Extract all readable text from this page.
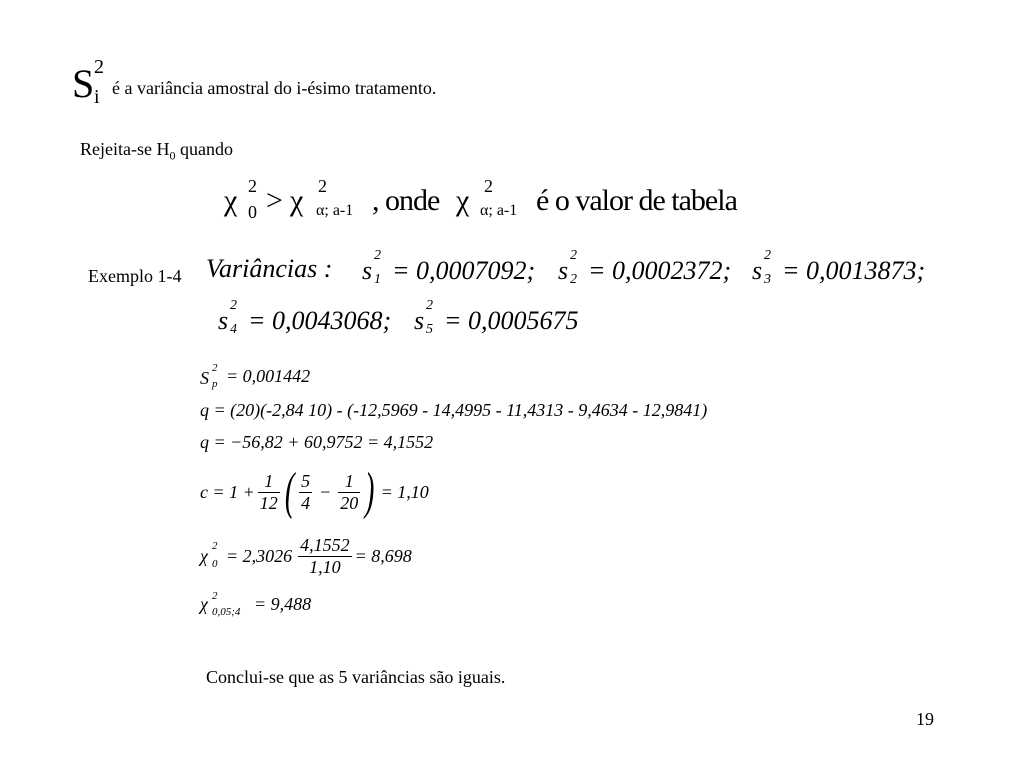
S 2
i é a variância amostral do i-ésimo tratamento.
Rejeita-se $H_0$ quando
χ 2
0 > χ 2
α; a-1 , onde χ 2
α; a-1 é o valor de tabela
Exemplo 1-4 Variâncias : s
2
1 = 0,0007092; s
2
2 = 0,0002372; s
2
3 = 0,0013873;
s
2
4 = 0,0043068; s
2
5 = 0,0005675
S 2
p = 0,001442
q = (20)(-2,84 10) - (-12,5969 - 14,4995 - 11,4313 - 9,4634 - 12,9841)
q = −56,82 + 60,9752 = 4,1552
$c = 1 + \frac{1}{12}$ ( $\frac{5}{4} - \frac{1}{20}$ ) = 1,10
χ 2
$0 = 2,3026 \frac{4,1552}{1,10} = 8,698$
χ 2
0,05;4 = 9,488
Conclui-se que as 5 variâncias são iguais.
19
